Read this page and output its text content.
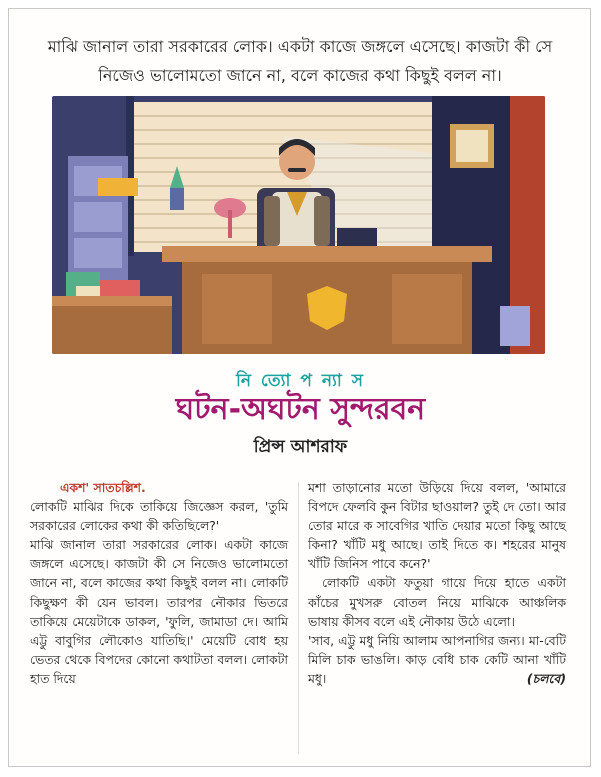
মাঝি জানাল তারা সরকারের লোক। একটা কাজে জঙ্গলে এসেছে। কাজটা কী সে নিজেও ভালোমতো জানে না, বলে কাজের কথা কিছুই বলল না।
নি ত্যো প ন্যা স
ঘটন-অঘটন সুন্দরবন
প্রিন্স আশরাফ

একশ' সাতচল্লিশ.

লোকটি মাঝির দিকে তাকিয়ে জিজ্ঞেস করল, 'তুমি সরকারের লোকের কথা কী কতিছিলে?'

মাঝি জানাল তারা সরকারের লোক। একটা কাজে জঙ্গলে এসেছে। কাজটা কী সে নিজেও ভালোমতো জানে না, বলে কাজের কথা কিছুই বলল না। লোকটি কিছুক্ষণ কী যেন ভাবল। তারপর নৌকার ভিতরে তাকিয়ে মেয়েটাকে ডাকল, 'ফুলি, জামাডা দে। আমি এট্টু বাবুগির লৌকোও যাতিছি।' মেয়েটি বোধ হয় ভেতর থেকে বিপদের কোনো কথাটতা বলল। লোকটা হাত দিয়ে

মশা তাড়ানোর মতো উড়িয়ে দিয়ে বলল, 'আমারে বিপদে ফেলবি কুন বিটার ছাওয়াল? তুই দে তো। আর তোর মারে ক সাবেগির খাতি দেয়ার মতো কিছু আছে কিনা? খাঁটি মধু আছে। তাই দিতে ক। শহরের মানুষ খাঁটি জিনিস পাবে কনে?'

লোকটি একটা ফতুয়া গায়ে দিয়ে হাতে একটা কাঁচের মুখসরু বোতল নিয়ে মাঝিকে আঞ্চলিক ভাষায় কীসব বলে এই নৌকায় উঠে এলো।

'সাব, এট্টু মধু নিয়ি আলাম আপনাগির জন্য। মা-বেটি মিলি চাক ভাঙলি। কাড় বেধি চাক কেটি আনা খাঁটি মধু।	(চলবে)
